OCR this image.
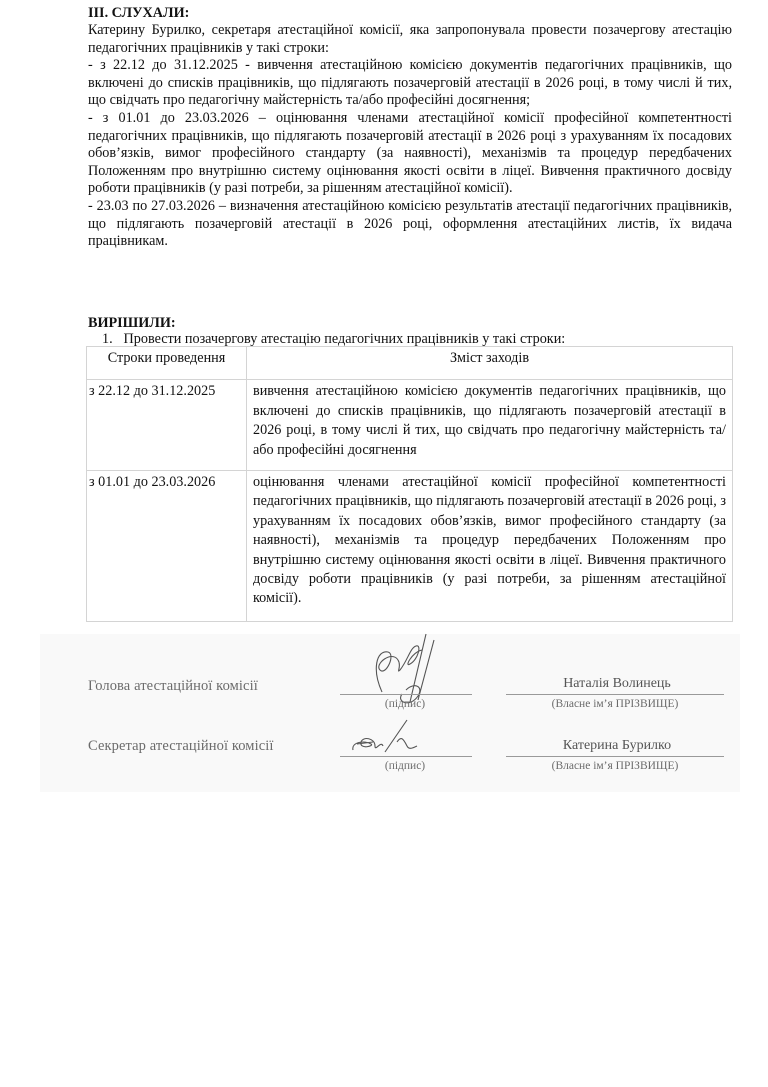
ІІІ. СЛУХАЛИ:

Катерину Бурилко, секретаря атестаційної комісії, яка запропонувала провести позачергову атестацію педагогічних працівників у такі строки:

- з 22.12 до 31.12.2025 - вивчення атестаційною комісією документів педагогічних працівників, що включені до списків працівників, що підлягають позачерговій атестації в 2026 році, в тому числі й тих, що свідчать про педагогічну майстерність та/або професійні досягнення;

- з 01.01 до 23.03.2026 – оцінювання членами атестаційної комісії професійної компетентності педагогічних працівників, що підлягають позачерговій атестації в 2026 році з урахуванням їх посадових обов’язків, вимог професійного стандарту (за наявності), механізмів та процедур передбачених Положенням про внутрішню систему оцінювання якості освіти в ліцеї. Вивчення практичного досвіду роботи працівників (у разі потреби, за рішенням атестаційної комісії).

- 23.03 по 27.03.2026 – визначення атестаційною комісією результатів атестації педагогічних працівників, що підлягають позачерговій атестації в 2026 році, оформлення атестаційних листів, їх видача працівникам.

ВИРІШИЛИ:
1. Провести позачергову атестацію педагогічних працівників у такі строки:
Строки проведення	Зміст заходів
з 22.12 до 31.12.2025	вивчення атестаційною комісією документів педагогічних працівників, що включені до списків працівників, що підлягають позачерговій атестації в 2026 році, в тому числі й тих, що свідчать про педагогічну майстерність та/або професійні досягнення
з 01.01 до 23.03.2026	оцінювання членами атестаційної комісії професійної компетентності педагогічних працівників, що підлягають позачерговій атестації в 2026 році, з урахуванням їх посадових обов’язків, вимог професійного стандарту (за наявності), механізмів та процедур передбачених Положенням про внутрішню систему оцінювання якості освіти в ліцеї. Вивчення практичного досвіду роботи працівників (у разі потреби, за рішенням атестаційної комісії).
Голова атестаційної комісії
(підпис)
Наталія Волинець
(Власне ім’я ПРІЗВИЩЕ)
Секретар атестаційної комісії
(підпис)
Катерина Бурилко
(Власне ім’я ПРІЗВИЩЕ)
